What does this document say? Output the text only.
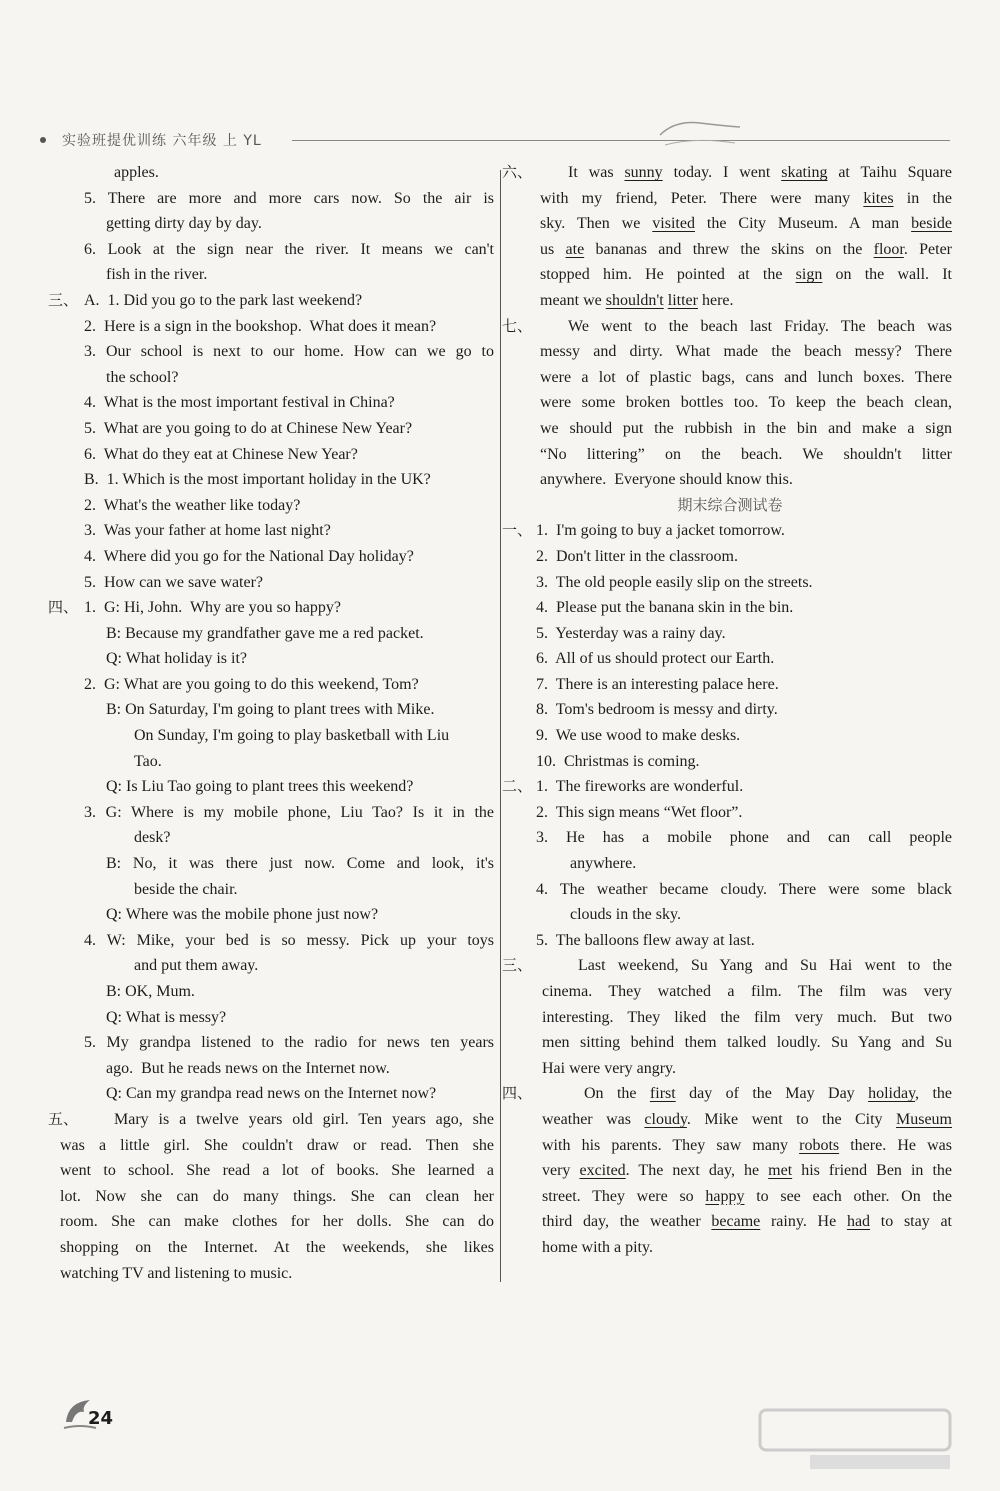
实验班提优训练 六年级 上 YL
apples.
5. There are more and more cars now. So the air is
getting dirty day by day.
6. Look at the sign near the river. It means we can't
fish in the river.
三、 A.  1. Did you go to the park last weekend?
2.  Here is a sign in the bookshop.  What does it mean?
3. Our school is next to our home. How can we go to
the school?
4.  What is the most important festival in China?
5.  What are you going to do at Chinese New Year?
6.  What do they eat at Chinese New Year?
B.  1. Which is the most important holiday in the UK?
2.  What's the weather like today?
3.  Was your father at home last night?
4.  Where did you go for the National Day holiday?
5.  How can we save water?
四、 1.  G: Hi, John.  Why are you so happy?
B: Because my grandfather gave me a red packet.
Q: What holiday is it?
2.  G: What are you going to do this weekend, Tom?
B: On Saturday, I'm going to plant trees with Mike.
On Sunday, I'm going to play basketball with Liu
Tao.
Q: Is Liu Tao going to plant trees this weekend?
3. G: Where is my mobile phone, Liu Tao? Is it in the
desk?
B: No, it was there just now. Come and look, it's
beside the chair.
Q: Where was the mobile phone just now?
4. W: Mike, your bed is so messy. Pick up your toys
and put them away.
B: OK, Mum.
Q: What is messy?
5. My grandpa listened to the radio for news ten years
ago.  But he reads news on the Internet now.
Q: Can my grandpa read news on the Internet now?
五、 Mary is a twelve years old girl. Ten years ago, she
was a little girl. She couldn't draw or read. Then she
went to school. She read a lot of books. She learned a
lot. Now she can do many things. She can clean her
room. She can make clothes for her dolls. She can do
shopping on the Internet. At the weekends, she likes
watching TV and listening to music.
六、 It was sunny today. I went skating at Taihu Square
with my friend, Peter. There were many kites in the
sky. Then we visited the City Museum. A man beside
us ate bananas and threw the skins on the floor. Peter
stopped him. He pointed at the sign on the wall. It
meant we shouldn't litter here.
七、 We went to the beach last Friday. The beach was
messy and dirty. What made the beach messy? There
were a lot of plastic bags, cans and lunch boxes. There
were some broken bottles too. To keep the beach clean,
we should put the rubbish in the bin and make a sign
“No littering” on the beach. We shouldn't litter
anywhere.  Everyone should know this.
期末综合测试卷
一、 1.  I'm going to buy a jacket tomorrow.
2.  Don't litter in the classroom.
3.  The old people easily slip on the streets.
4.  Please put the banana skin in the bin.
5.  Yesterday was a rainy day.
6.  All of us should protect our Earth.
7.  There is an interesting palace here.
8.  Tom's bedroom is messy and dirty.
9.  We use wood to make desks.
10.  Christmas is coming.
二、 1.  The fireworks are wonderful.
2.  This sign means “Wet floor”.
3. He has a mobile phone and can call people
anywhere.
4. The weather became cloudy. There were some black
clouds in the sky.
5.  The balloons flew away at last.
三、	Last weekend, Su Yang and Su Hai went to the
cinema. They watched a film. The film was very
interesting. They liked the film very much. But two
men sitting behind them talked loudly. Su Yang and Su
Hai were very angry.
四、	On the first day of the May Day holiday, the
weather was cloudy. Mike went to the City Museum
with his parents. They saw many robots there. He was
very excited. The next day, he met his friend Ben in the
street. They were so happy to see each other. On the
third day, the weather became rainy. He had to stay at
home with a pity.
24
